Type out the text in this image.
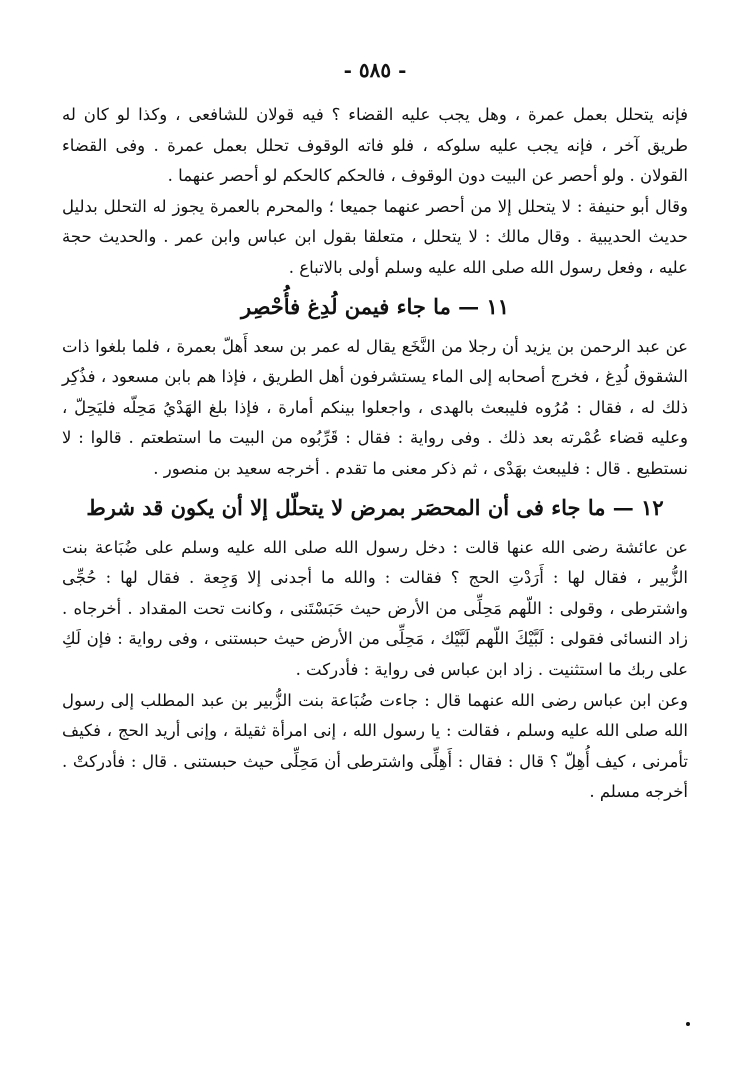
- ٥٨٥ -

فإنه يتحلل بعمل عمرة ، وهل يجب عليه القضاء ؟ فيه قولان للشافعى ، وكذا لو كان له طريق آخر ، فإنه يجب عليه سلوكه ، فلو فاته الوقوف تحلل بعمل عمرة . وفى القضاء القولان . ولو أحصر عن البيت دون الوقوف ، فالحكم كالحكم لو أحصر عنهما .

وقال أبو حنيفة : لا يتحلل إلا من أحصر عنهما جميعا ؛ والمحرم بالعمرة يجوز له التحلل بدليل حديث الحديبية . وقال مالك : لا يتحلل ، متعلقا بقول ابن عباس وابن عمر . والحديث حجة عليه ، وفعل رسول الله صلى الله عليه وسلم أولى بالاتباع .

١١ — ما جاء فيمن لُدِغ فأُحْصِر

عن عبد الرحمن بن يزيد أن رجلا من النَّخَع يقال له عمر بن سعد أَهلّ بعمرة ، فلما بلغوا ذات الشقوق لُدِغ ، فخرج أصحابه إلى الماء يستشرفون أهل الطريق ، فإذا هم بابن مسعود ، فذُكِر ذلك له ، فقال : مُرُوه فليبعث بالهدى ، واجعلوا بينكم أمارة ، فإذا بلغ الهَدْيُ مَحِلّه فليَحِلّ ، وعليه قضاء عُمْرته بعد ذلك . وفى رواية : فقال : قَرِّبُوه من البيت ما استطعتم . قالوا : لا نستطيع . قال : فليبعث بهَدْى ، ثم ذكر معنى ما تقدم . أخرجه سعيد بن منصور .

١٢ — ما جاء فى أن المحصَر بمرض لا يتحلّل إلا أن يكون قد شرط

عن عائشة رضى الله عنها قالت : دخل رسول الله صلى الله عليه وسلم على ضُبَاعة بنت الزُّبير ، فقال لها : أَرَدْتِ الحج ؟ فقالت : والله ما أجدنى إلا وَجِعة . فقال لها : حُجِّى واشترطى ، وقولى : اللّهم مَحِلِّى من الأرض حيث حَبَسْتَنى ، وكانت تحت المقداد . أخرجاه . زاد النسائى فقولى : لَبَّيْكَ اللّهم لَبَّيْك ، مَحِلِّى من الأرض حيث حبستنى ، وفى رواية : فإن لَكِ على ربك ما استثنيت . زاد ابن عباس فى رواية : فأدركت .

وعن ابن عباس رضى الله عنهما قال : جاءت ضُبَاعة بنت الزُّبير بن عبد المطلب إلى رسول الله صلى الله عليه وسلم ، فقالت : يا رسول الله ، إنى امرأة ثقيلة ، وإنى أريد الحج ، فكيف تأمرنى ، كيف أُهِلّ ؟ قال : فقال : أَهِلِّى واشترطى أن مَحِلِّى حيث حبستنى . قال : فأدركتْ . أخرجه مسلم .
